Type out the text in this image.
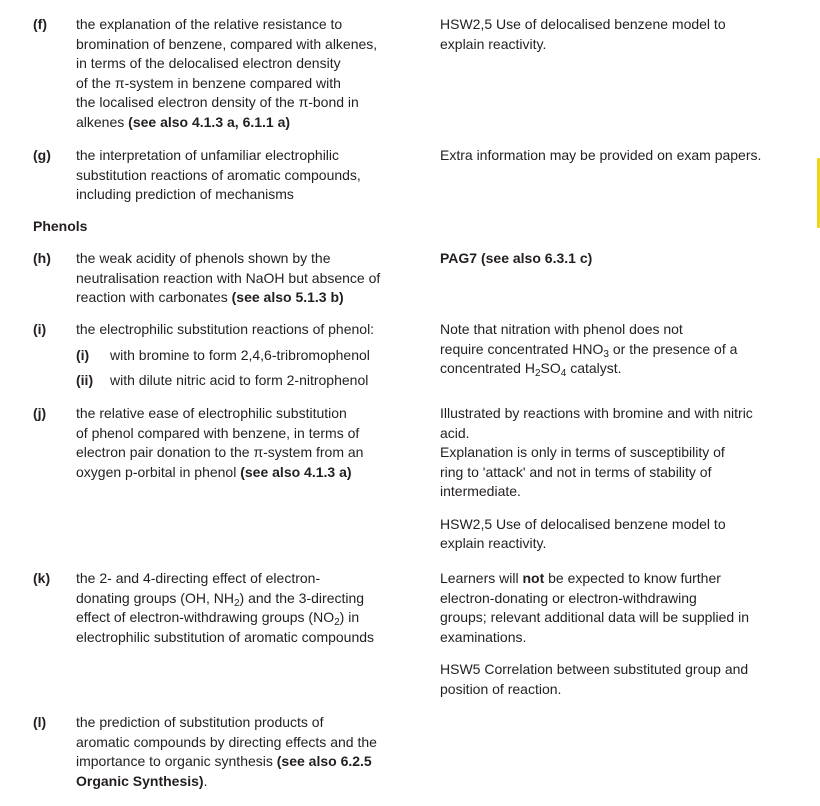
(f) the explanation of the relative resistance to
bromination of benzene, compared with alkenes,
in terms of the delocalised electron density
of the π-system in benzene compared with
the localised electron density of the π-bond in
alkenes (see also 4.1.3 a, 6.1.1 a)
HSW2,5 Use of delocalised benzene model to
explain reactivity.
(g) the interpretation of unfamiliar electrophilic
substitution reactions of aromatic compounds,
including prediction of mechanisms
Extra information may be provided on exam papers.
Phenols
(h) the weak acidity of phenols shown by the
neutralisation reaction with NaOH but absence of
reaction with carbonates (see also 5.1.3 b)
PAG7 (see also 6.3.1 c)
(i) the electrophilic substitution reactions of phenol:
(i) with bromine to form 2,4,6-tribromophenol
(ii) with dilute nitric acid to form 2-nitrophenol
Note that nitration with phenol does not
require concentrated $HNO_3$ or the presence of a
concentrated $H_2SO_4$ catalyst.
(j) the relative ease of electrophilic substitution
of phenol compared with benzene, in terms of
electron pair donation to the π-system from an
oxygen p-orbital in phenol (see also 4.1.3 a)
Illustrated by reactions with bromine and with nitric
acid.
Explanation is only in terms of susceptibility of
ring to 'attack' and not in terms of stability of
intermediate.
HSW2,5 Use of delocalised benzene model to
explain reactivity.
(k) the 2- and 4-directing effect of electron-
donating groups (OH, $NH_2$) and the 3-directing
effect of electron-withdrawing groups $(NO_2)$ in
electrophilic substitution of aromatic compounds
Learners will not be expected to know further
electron-donating or electron-withdrawing
groups; relevant additional data will be supplied in
examinations.
HSW5 Correlation between substituted group and
position of reaction.
(l) the prediction of substitution products of
aromatic compounds by directing effects and the
importance to organic synthesis (see also 6.2.5
Organic Synthesis).
